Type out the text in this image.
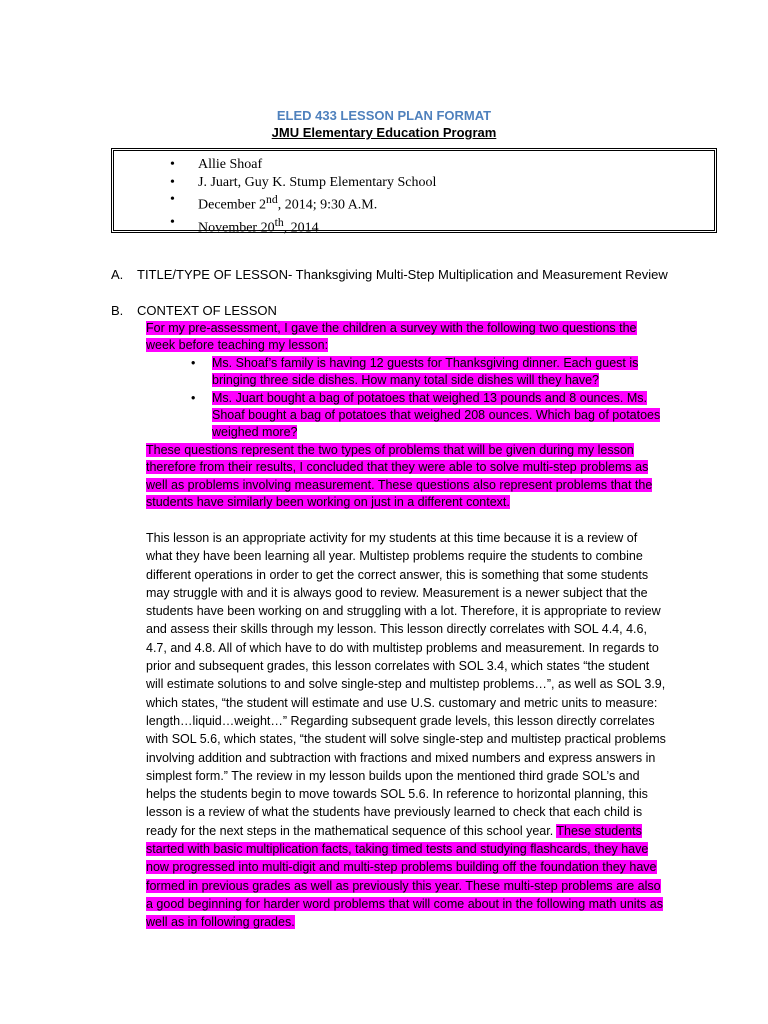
ELED 433 LESSON PLAN FORMAT
JMU Elementary Education Program
• Allie Shoaf
• J. Juart, Guy K. Stump Elementary School
• December 2nd, 2014; 9:30 A.M.
• November 20th, 2014
A. TITLE/TYPE OF LESSON- Thanksgiving Multi-Step Multiplication and Measurement Review
B. CONTEXT OF LESSON

For my pre-assessment, I gave the children a survey with the following two questions the week before teaching my lesson:

• Ms. Shoaf’s family is having 12 guests for Thanksgiving dinner. Each guest is bringing three side dishes. How many total side dishes will they have?
• Ms. Juart bought a bag of potatoes that weighed 13 pounds and 8 ounces. Ms. Shoaf bought a bag of potatoes that weighed 208 ounces. Which bag of potatoes weighed more?

These questions represent the two types of problems that will be given during my lesson therefore from their results, I concluded that they were able to solve multi-step problems as well as problems involving measurement. These questions also represent problems that the students have similarly been working on just in a different context.

This lesson is an appropriate activity for my students at this time because it is a review of what they have been learning all year. Multistep problems require the students to combine different operations in order to get the correct answer, this is something that some students may struggle with and it is always good to review. Measurement is a newer subject that the students have been working on and struggling with a lot. Therefore, it is appropriate to review and assess their skills through my lesson. This lesson directly correlates with SOL 4.4, 4.6, 4.7, and 4.8. All of which have to do with multistep problems and measurement. In regards to prior and subsequent grades, this lesson correlates with SOL 3.4, which states “the student will estimate solutions to and solve single-step and multistep problems…”, as well as SOL 3.9, which states, “the student will estimate and use U.S. customary and metric units to measure: length…liquid…weight…” Regarding subsequent grade levels, this lesson directly correlates with SOL 5.6, which states, “the student will solve single-step and multistep practical problems involving addition and subtraction with fractions and mixed numbers and express answers in simplest form.” The review in my lesson builds upon the mentioned third grade SOL’s and helps the students begin to move towards SOL 5.6. In reference to horizontal planning, this lesson is a review of what the students have previously learned to check that each child is ready for the next steps in the mathematical sequence of this school year. These students started with basic multiplication facts, taking timed tests and studying flashcards, they have now progressed into multi-digit and multi-step problems building off the foundation they have formed in previous grades as well as previously this year. These multi-step problems are also a good beginning for harder word problems that will come about in the following math units as well as in following grades.
